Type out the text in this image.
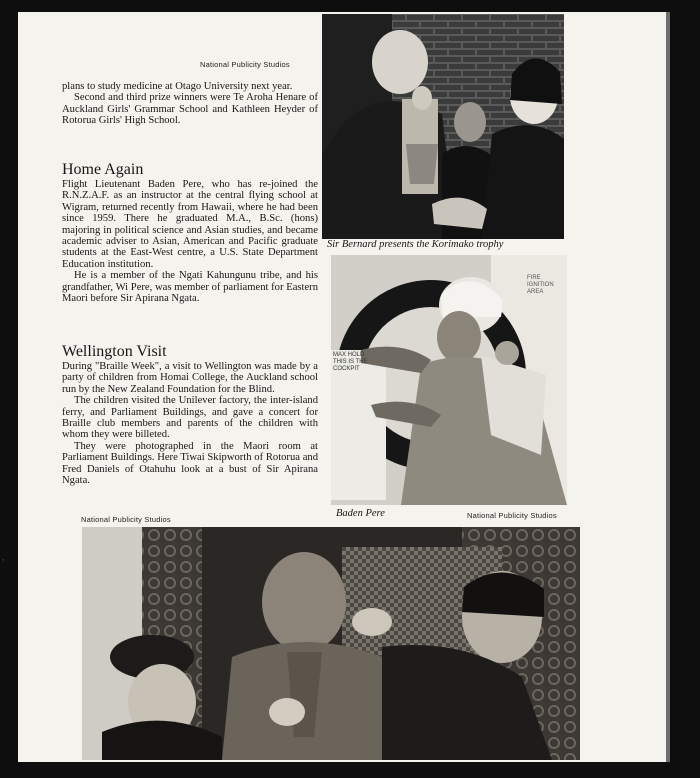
,
National Publicity Studios

plans to study medicine at Otago University next year.

Second and third prize winners were Te Aroha Henare of Auckland Girls' Grammar School and Kathleen Heyder of Rotorua Girls' High School.

Home Again

Flight Lieutenant Baden Pere, who has re-joined the R.N.Z.A.F. as an instructor at the central flying school at Wigram, returned recently from Hawaii, where he had been since 1959. There he graduated M.A., B.Sc. (hons) majoring in political science and Asian studies, and became academic adviser to Asian, American and Pacific graduate students at the East-West centre, a U.S. State Department Education institution.

He is a member of the Ngati Kahungunu tribe, and his grandfather, Wi Pere, was member of parliament for Eastern Maori before Sir Apirana Ngata.

Wellington Visit

During "Braille Week", a visit to Wellington was made by a party of children from Homai College, the Auckland school run by the New Zealand Foundation for the Blind.

The children visited the Unilever factory, the inter-island ferry, and Parliament Buildings, and gave a concert for Braille club members and parents of the children with whom they were billeted.

They were photographed in the Maori room at Parliament Buildings. Here Tiwai Skipworth of Rotorua and Fred Daniels of Otahuhu look at a bust of Sir Apirana Ngata.

Sir Bernard presents the Korimako trophy
FIRE
IGNITION
AREA
MAX HOLD
THIS IS THE
COCKPIT
Baden Pere	National Publicity Studios
National Publicity Studios
